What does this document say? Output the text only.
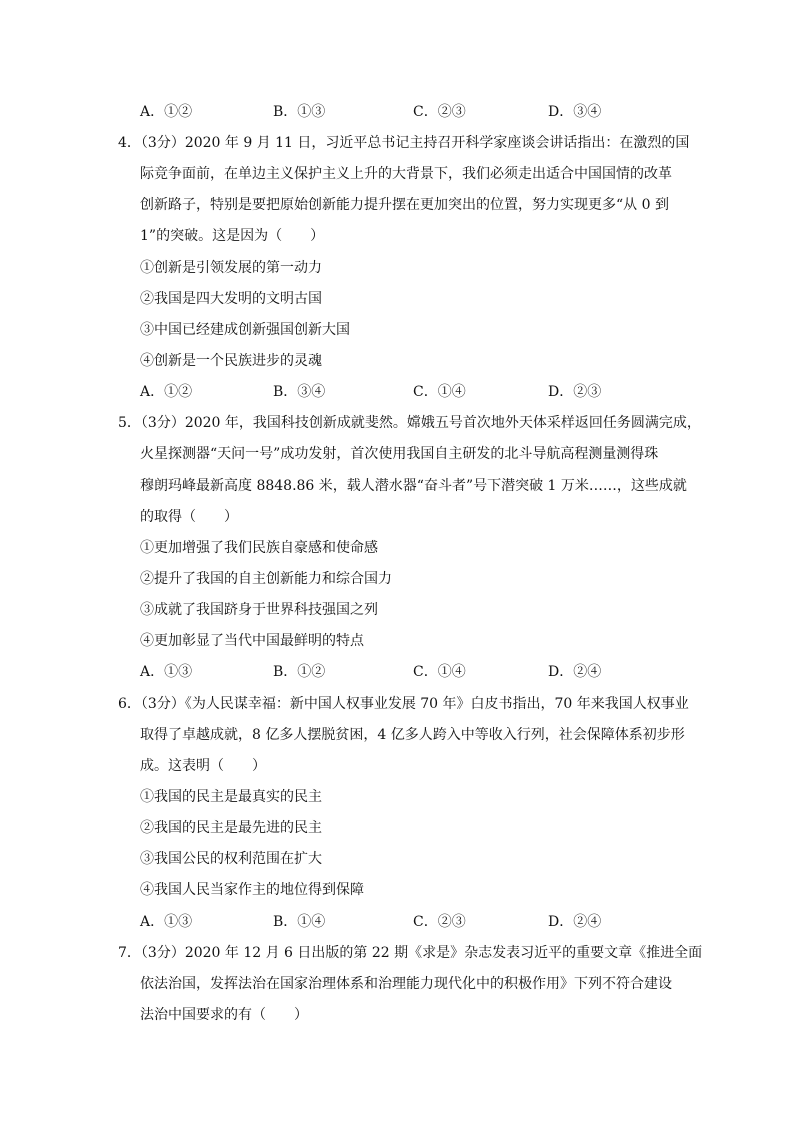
A．①②	B．①③	C．②③	D．③④
4．（3分）2020 年 9 月 11 日，习近平总书记主持召开科学家座谈会讲话指出：在激烈的国
际竞争面前，在单边主义保护主义上升的大背景下，我们必须走出适合中国国情的改革
创新路子，特别是要把原始创新能力提升摆在更加突出的位置，努力实现更多“从 0 到
1”的突破。这是因为（　　）
①创新是引领发展的第一动力
②我国是四大发明的文明古国
③中国已经建成创新强国创新大国
④创新是一个民族进步的灵魂
A．①②	B．③④	C．①④	D．②③
5．（3分）2020 年，我国科技创新成就斐然。嫦娥五号首次地外天体采样返回任务圆满完成，
火星探测器“天问一号”成功发射，首次使用我国自主研发的北斗导航高程测量测得珠
穆朗玛峰最新高度 8848.86 米，载人潜水器“奋斗者”号下潜突破 1 万米……，这些成就
的取得（　　）
①更加增强了我们民族自豪感和使命感
②提升了我国的自主创新能力和综合国力
③成就了我国跻身于世界科技强国之列
④更加彰显了当代中国最鲜明的特点
A．①③	B．①②	C．①④	D．②④
6．（3分）《为人民谋幸福：新中国人权事业发展 70 年》白皮书指出，70 年来我国人权事业
取得了卓越成就，8 亿多人摆脱贫困，4 亿多人跨入中等收入行列，社会保障体系初步形
成。这表明（　　）
①我国的民主是最真实的民主
②我国的民主是最先进的民主
③我国公民的权利范围在扩大
④我国人民当家作主的地位得到保障
A．①③	B．①④	C．②③	D．②④
7．（3分）2020 年 12 月 6 日出版的第 22 期《求是》杂志发表习近平的重要文章《推进全面
依法治国，发挥法治在国家治理体系和治理能力现代化中的积极作用》下列不符合建设
法治中国要求的有（　　）
